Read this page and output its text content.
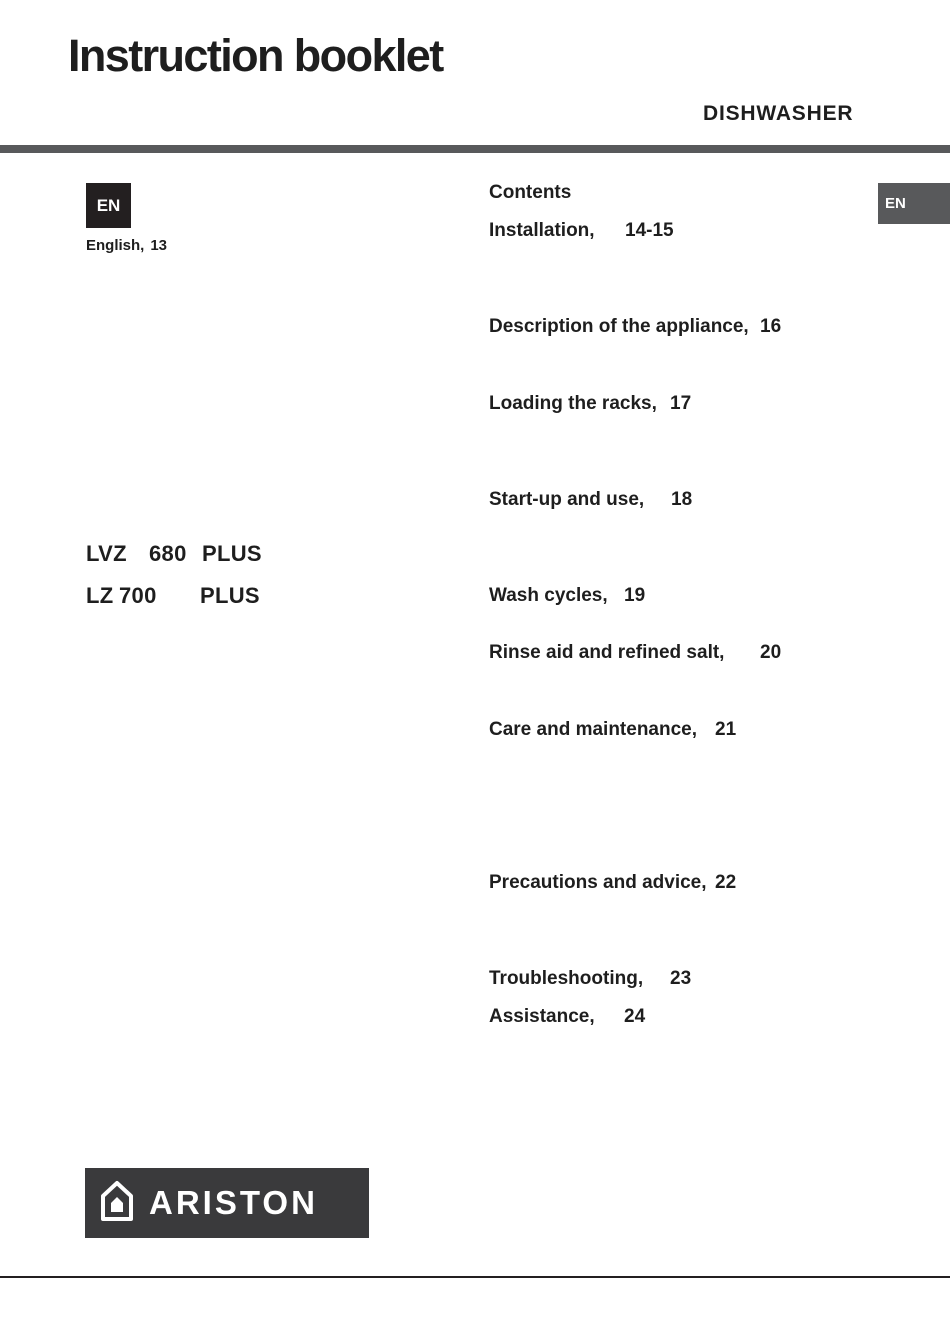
Instruction booklet
DISHWASHER
EN
English, 13
EN
LVZ 680 PLUS
LZ 700 PLUS
Contents
Installation, 14-15
Description of the appliance, 16
Loading the racks, 17
Start-up and use, 18
Wash cycles, 19
Rinse aid and refined salt, 20
Care and maintenance, 21
Precautions and advice, 22
Troubleshooting, 23
Assistance, 24
ARISTON
